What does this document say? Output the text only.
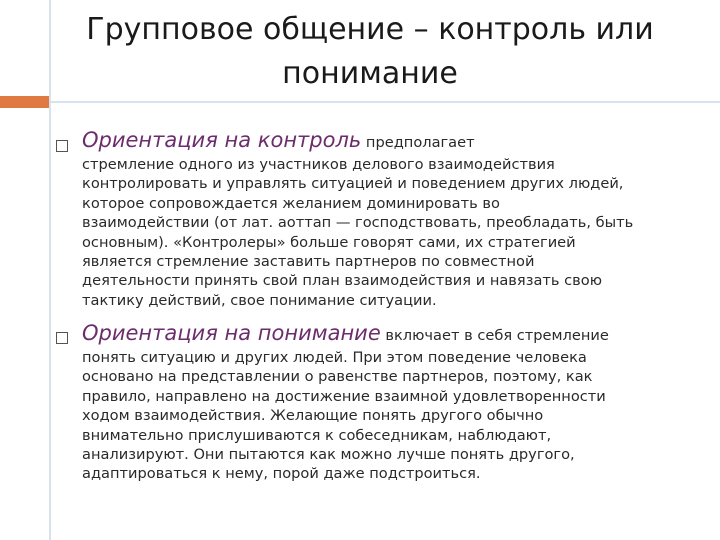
Групповое общение – контроль или
понимание
Ориентация на контроль предполагает
стремление одного из участников делового взаимодействия
контролировать и управлять ситуацией и поведением других людей,
которое сопровождается желанием доминировать во
взаимодействии (от лат. аоттап — господствовать, преобладать, быть
основным). «Контролеры» больше говорят сами, их стратегией
является стремление заставить партнеров по совместной
деятельности принять свой план взаимодействия и навязать свою
тактику действий, свое понимание ситуации.
Ориентация на понимание включает в себя стремление
понять ситуацию и других людей. При этом поведение человека
основано на представлении о равенстве партнеров, поэтому, как
правило, направлено на достижение взаимной удовлетворенности
ходом взаимодействия. Желающие понять другого обычно
внимательно прислушиваются к собеседникам, наблюдают,
анализируют. Они пытаются как можно лучше понять другого,
адаптироваться к нему, порой даже подстроиться.
